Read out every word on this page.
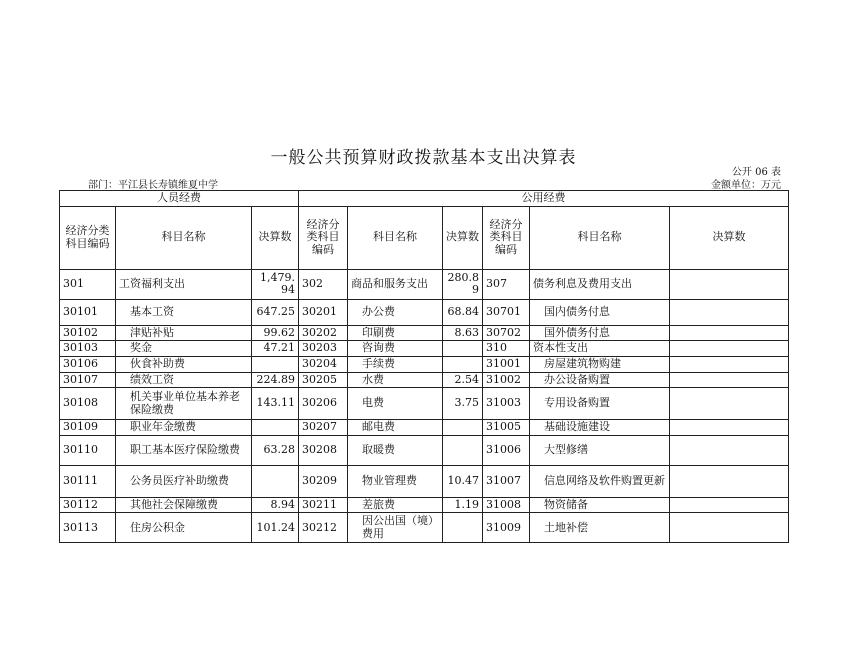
一般公共预算财政拨款基本支出决算表
公开 06 表
部门：平江县长寿镇维夏中学	金额单位：万元
人员经费			公用经费					
经济分类科目编码	科目名称	决算数	经济分类科目编码	科目名称	决算数	经济分类科目编码	科目名称	决算数
301	工资福利支出	1,479.94	302	商品和服务支出	280.89	307	债务利息及费用支出	
30101	基本工资	647.25	30201	办公费	68.84	30701	国内债务付息	
30102	津贴补贴	99.62	30202	印刷费	8.63	30702	国外债务付息	
30103	奖金	47.21	30203	咨询费		310	资本性支出	
30106	伙食补助费		30204	手续费		31001	房屋建筑物购建	
30107	绩效工资	224.89	30205	水费	2.54	31002	办公设备购置	
30108	机关事业单位基本养老保险缴费	143.11	30206	电费	3.75	31003	专用设备购置	
30109	职业年金缴费		30207	邮电费		31005	基础设施建设	
30110	职工基本医疗保险缴费	63.28	30208	取暖费		31006	大型修缮	
30111	公务员医疗补助缴费		30209	物业管理费	10.47	31007	信息网络及软件购置更新	
30112	其他社会保障缴费	8.94	30211	差旅费	1.19	31008	物资储备	
30113	住房公积金	101.24	30212	因公出国（境）费用		31009	土地补偿	
